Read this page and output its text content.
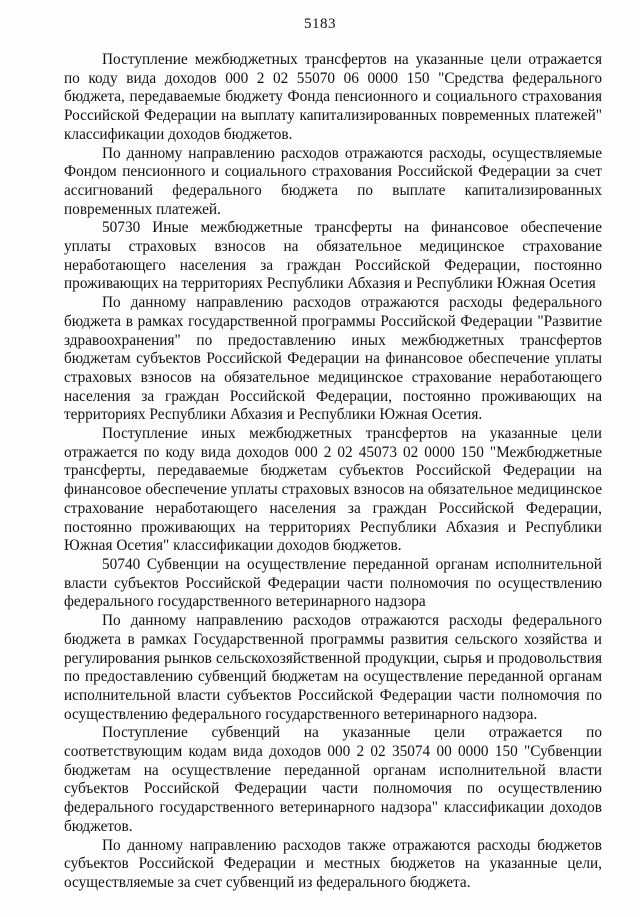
5183

Поступление межбюджетных трансфертов на указанные цели отражается по коду вида доходов 000 2 02 55070 06 0000 150 "Средства федерального бюджета, передаваемые бюджету Фонда пенсионного и социального страхования Российской Федерации на выплату капитализированных повременных платежей" классификации доходов бюджетов.

По данному направлению расходов отражаются расходы, осуществляемые Фондом пенсионного и социального страхования Российской Федерации за счет ассигнований федерального бюджета по выплате капитализированных повременных платежей.

50730 Иные межбюджетные трансферты на финансовое обеспечение уплаты страховых взносов на обязательное медицинское страхование неработающего населения за граждан Российской Федерации, постоянно проживающих на территориях Республики Абхазия и Республики Южная Осетия

По данному направлению расходов отражаются расходы федерального бюджета в рамках государственной программы Российской Федерации "Развитие здравоохранения" по предоставлению иных межбюджетных трансфертов бюджетам субъектов Российской Федерации на финансовое обеспечение уплаты страховых взносов на обязательное медицинское страхование неработающего населения за граждан Российской Федерации, постоянно проживающих на территориях Республики Абхазия и Республики Южная Осетия.

Поступление иных межбюджетных трансфертов на указанные цели отражается по коду вида доходов 000 2 02 45073 02 0000 150 "Межбюджетные трансферты, передаваемые бюджетам субъектов Российской Федерации на финансовое обеспечение уплаты страховых взносов на обязательное медицинское страхование неработающего населения за граждан Российской Федерации, постоянно проживающих на территориях Республики Абхазия и Республики Южная Осетия" классификации доходов бюджетов.

50740 Субвенции на осуществление переданной органам исполнительной власти субъектов Российской Федерации части полномочия по осуществлению федерального государственного ветеринарного надзора

По данному направлению расходов отражаются расходы федерального бюджета в рамках Государственной программы развития сельского хозяйства и регулирования рынков сельскохозяйственной продукции, сырья и продовольствия по предоставлению субвенций бюджетам на осуществление переданной органам исполнительной власти субъектов Российской Федерации части полномочия по осуществлению федерального государственного ветеринарного надзора.

Поступление субвенций на указанные цели отражается по соответствующим кодам вида доходов 000 2 02 35074 00 0000 150 "Субвенции бюджетам на осуществление переданной органам исполнительной власти субъектов Российской Федерации части полномочия по осуществлению федерального государственного ветеринарного надзора" классификации доходов бюджетов.

По данному направлению расходов также отражаются расходы бюджетов субъектов Российской Федерации и местных бюджетов на указанные цели, осуществляемые за счет субвенций из федерального бюджета.
